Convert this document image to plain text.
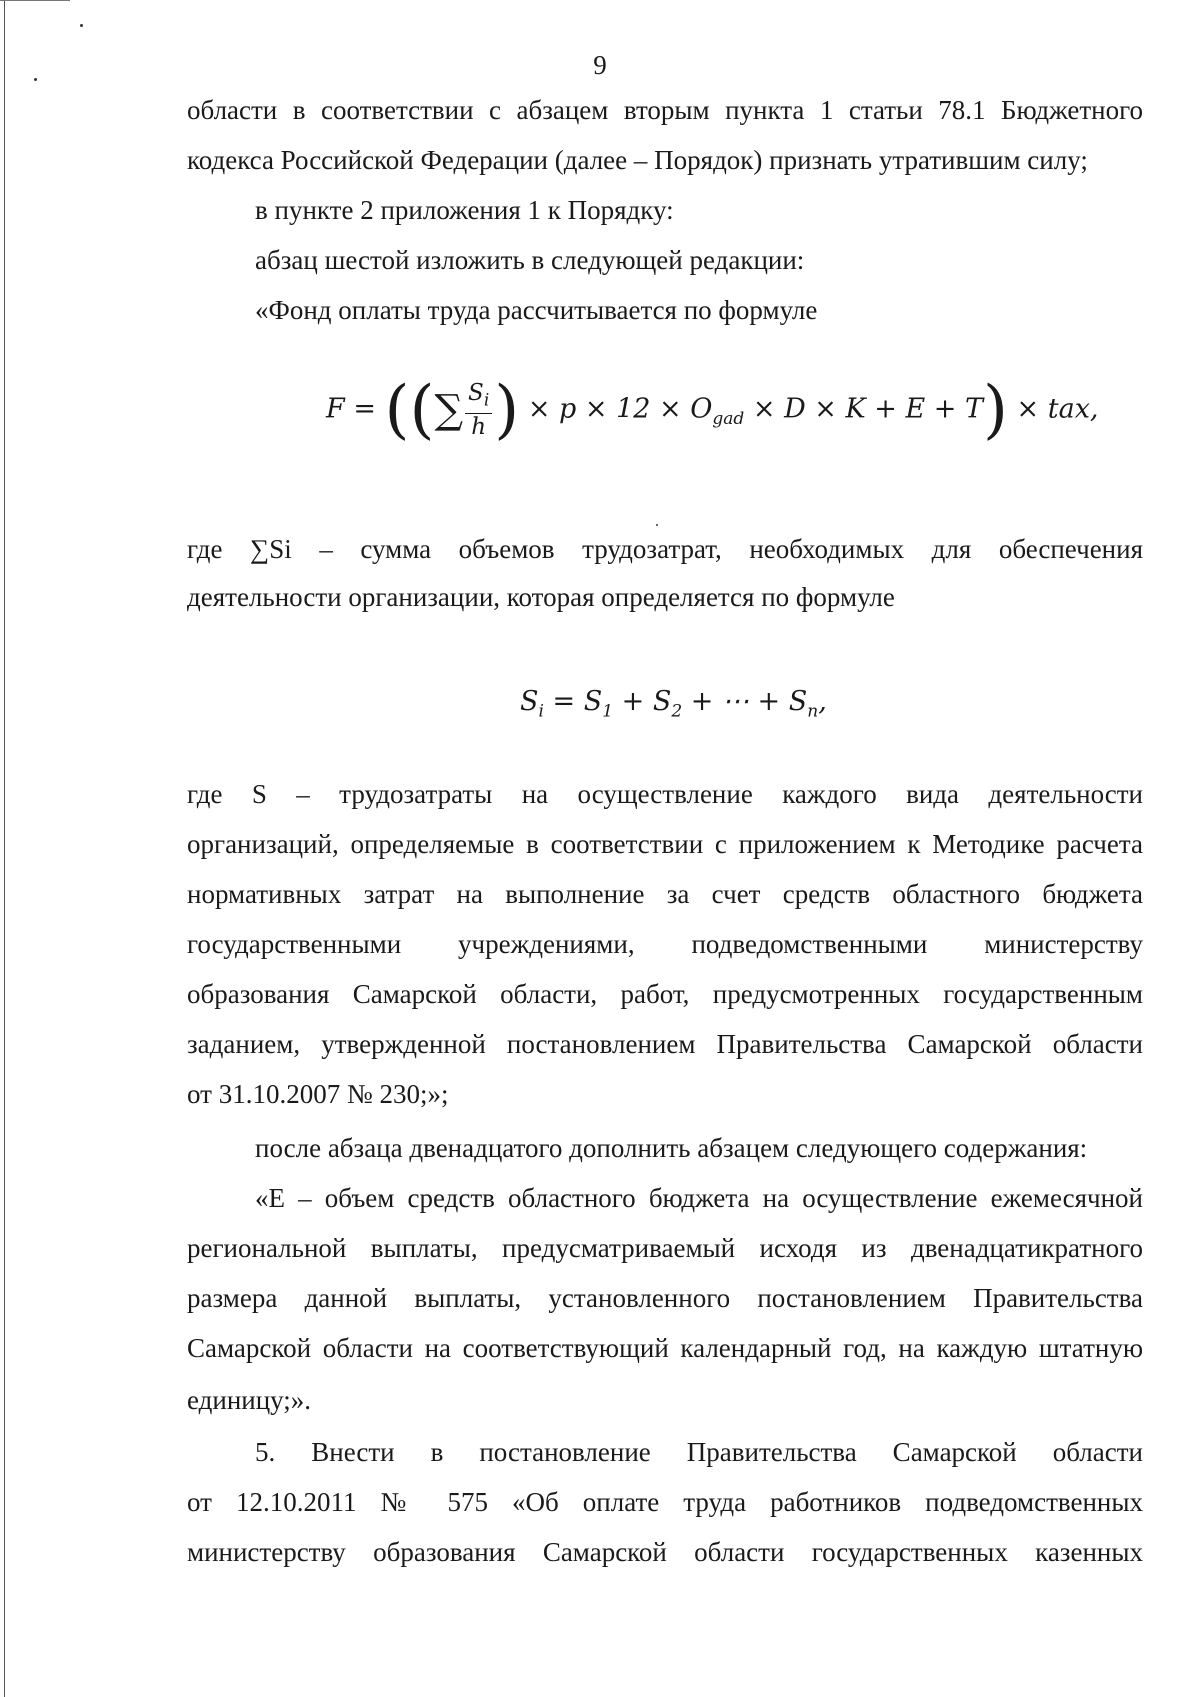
9
области в соответствии с абзацем вторым пункта 1 статьи 78.1 Бюджетного
кодекса Российской Федерации (далее – Порядок) признать утратившим силу;
в пункте 2 приложения 1 к Порядку:
абзац шестой изложить в следующей редакции:
«Фонд оплаты труда рассчитывается по формуле
F = ((∑ $\frac{S_i}{h}$ ) × $p \times 12 \times O_{gad} \times D \times K + E + T$) × tax,
где ∑Si – сумма объемов трудозатрат, необходимых для обеспечения
деятельности организации, которая определяется по формуле
$S_i = S_1 + S_2$ + ⋯ + $S_n$,
где S – трудозатраты на осуществление каждого вида деятельности
организаций, определяемые в соответствии с приложением к Методике расчета
нормативных затрат на выполнение за счет средств областного бюджета
государственными учреждениями, подведомственными министерству
образования Самарской области, работ, предусмотренных государственным
заданием, утвержденной постановлением Правительства Самарской области
от 31.10.2007 № 230;»;
после абзаца двенадцатого дополнить абзацем следующего содержания:
«Е – объем средств областного бюджета на осуществление ежемесячной
региональной выплаты, предусматриваемый исходя из двенадцатикратного
размера данной выплаты, установленного постановлением Правительства
Самарской области на соответствующий календарный год, на каждую штатную
единицу;».
5. Внести в постановление Правительства Самарской области
от 12.10.2011 № 575 «Об оплате труда работников подведомственных
министерству образования Самарской области государственных казенных
